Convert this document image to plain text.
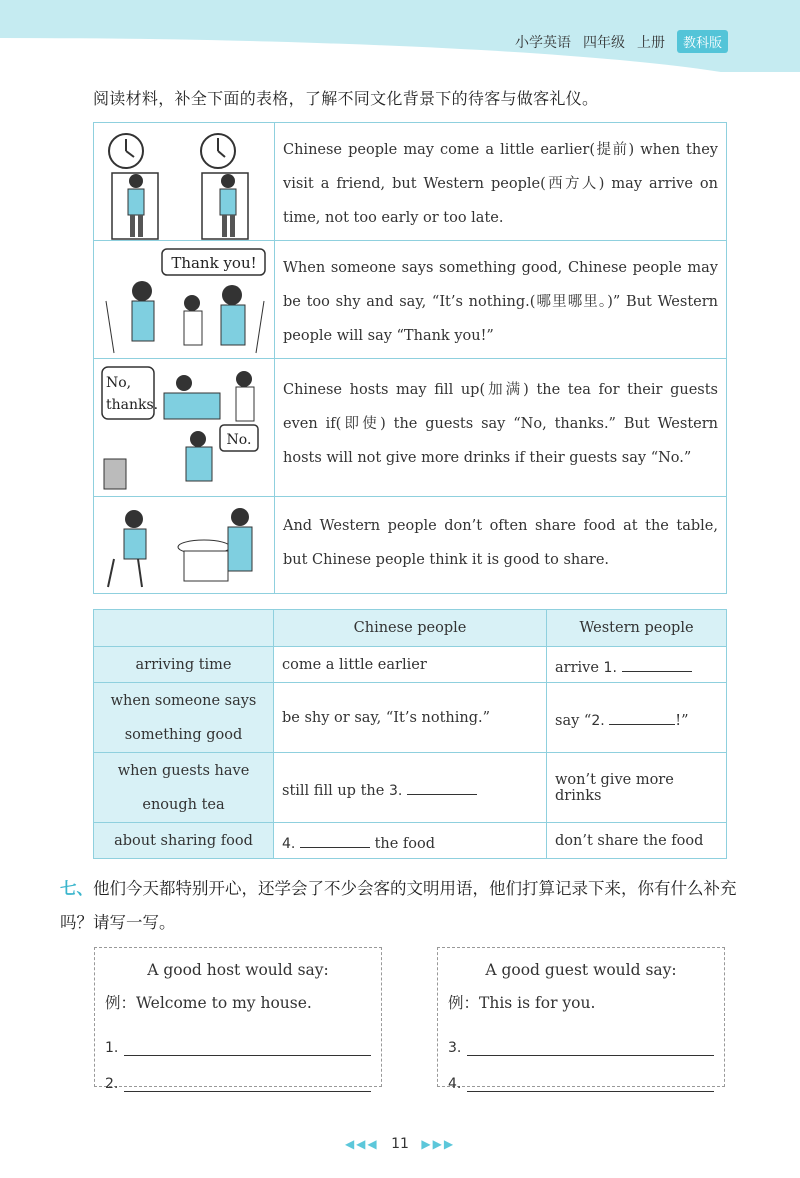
小学英语 四年级 上册	教科版
阅读材料，补全下面的表格，了解不同文化背景下的待客与做客礼仪。
Chinese people may come a little earlier(提前) when they visit a friend, but Western people(西方人) may arrive on time, not too early or too late.
Thank you!	When someone says something good, Chinese people may be too shy and say, “It’s nothing.(哪里哪里。)” But Western people will say “Thank you!”
No,
thanks.
No.
Chinese hosts may fill up(加满) the tea for their guests even if(即使) the guests say “No, thanks.” But Western hosts will not give more drinks if their guests say “No.”
And Western people don’t often share food at the table, but Chinese people think it is good to share.
	Chinese people	Western people
arriving time	come a little earlier	arrive 1.
when someone says something good	be shy or say, “It’s nothing.”	say “2. !”
when guests have enough tea	still fill up the 3.	won’t give more drinks
about sharing food	4. the food	don’t share the food
七、他们今天都特别开心，还学会了不少会客的文明用语，他们打算记录下来，你有什么补充吗？请写一写。
A good host would say:
例：Welcome to my house.
1.
2.
A good guest would say:
例：This is for you.
3.
4.
◀◀◀ 11 ▶▶▶
